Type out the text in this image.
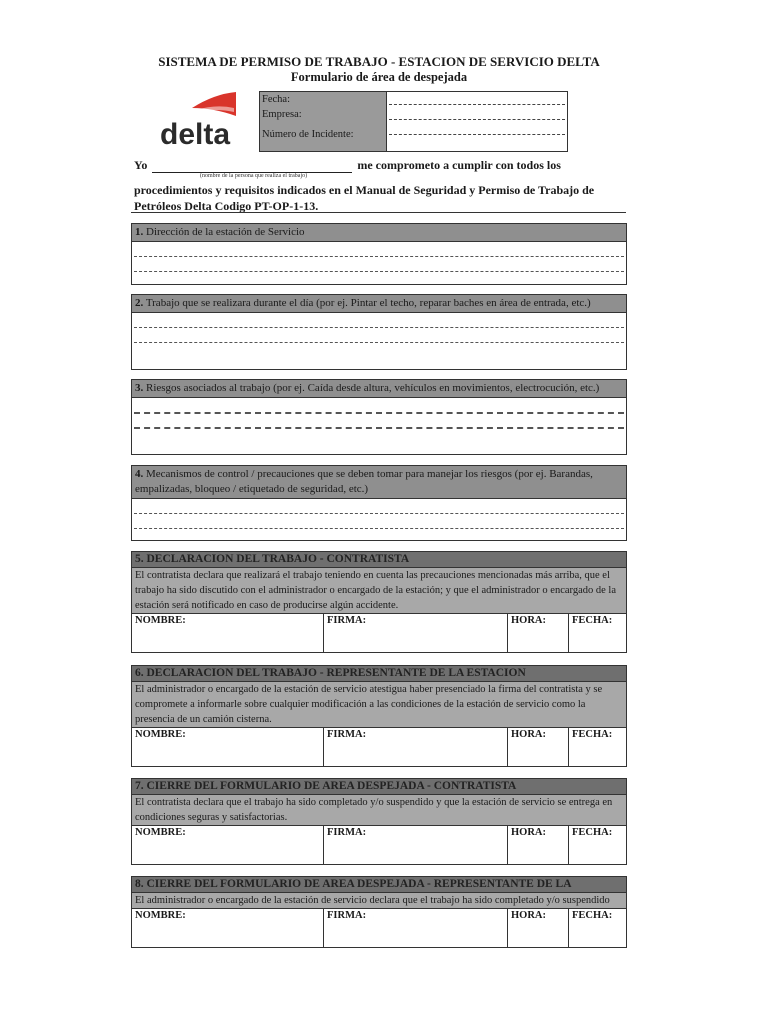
SISTEMA DE PERMISO DE TRABAJO - ESTACION DE SERVICIO DELTA
Formulario de área de despejada
delta
Fecha:
Empresa:
Número de Incidente:
Yo	me comprometo a cumplir con todos los
(nombre de la persona que realiza el trabajo)
procedimientos y requisitos indicados en el Manual de Seguridad y Permiso de Trabajo de Petróleos Delta Codigo PT-OP-1-13.
1. Dirección de la estación de Servicio
2. Trabajo que se realizara durante el día (por ej. Pintar el techo, reparar baches en área de entrada, etc.)
3. Riesgos asociados al trabajo (por ej. Caída desde altura, vehículos en movimientos, electrocución, etc.)
4. Mecanismos de control / precauciones que se deben tomar para manejar los riesgos (por ej. Barandas, empalizadas, bloqueo / etiquetado de seguridad, etc.)
5. DECLARACION DEL TRABAJO - CONTRATISTA
El contratista declara que realizará el trabajo teniendo en cuenta las precauciones mencionadas más arriba, que el trabajo ha sido discutido con el administrador o encargado de la estación; y que el administrador o encargado de la estación será notificado en caso de producirse algún accidente.
NOMBRE:	FIRMA:	HORA:	FECHA:
6. DECLARACION DEL TRABAJO - REPRESENTANTE DE LA ESTACION
El administrador o encargado de la estación de servicio atestigua haber presenciado la firma del contratista y se compromete a informarle sobre cualquier modificación a las condiciones de la estación de servicio como la presencia de un camión cisterna.
NOMBRE:	FIRMA:	HORA:	FECHA:
7. CIERRE DEL FORMULARIO DE AREA DESPEJADA - CONTRATISTA
El contratista declara que el trabajo ha sido completado y/o suspendido y que la estación de servicio se entrega en condiciones seguras y satisfactorias.
NOMBRE:	FIRMA:	HORA:	FECHA:
8. CIERRE DEL FORMULARIO DE AREA DESPEJADA - REPRESENTANTE DE LA
El administrador o encargado de la estación de servicio declara que el trabajo ha sido completado y/o suspendido
NOMBRE:	FIRMA:	HORA:	FECHA:
